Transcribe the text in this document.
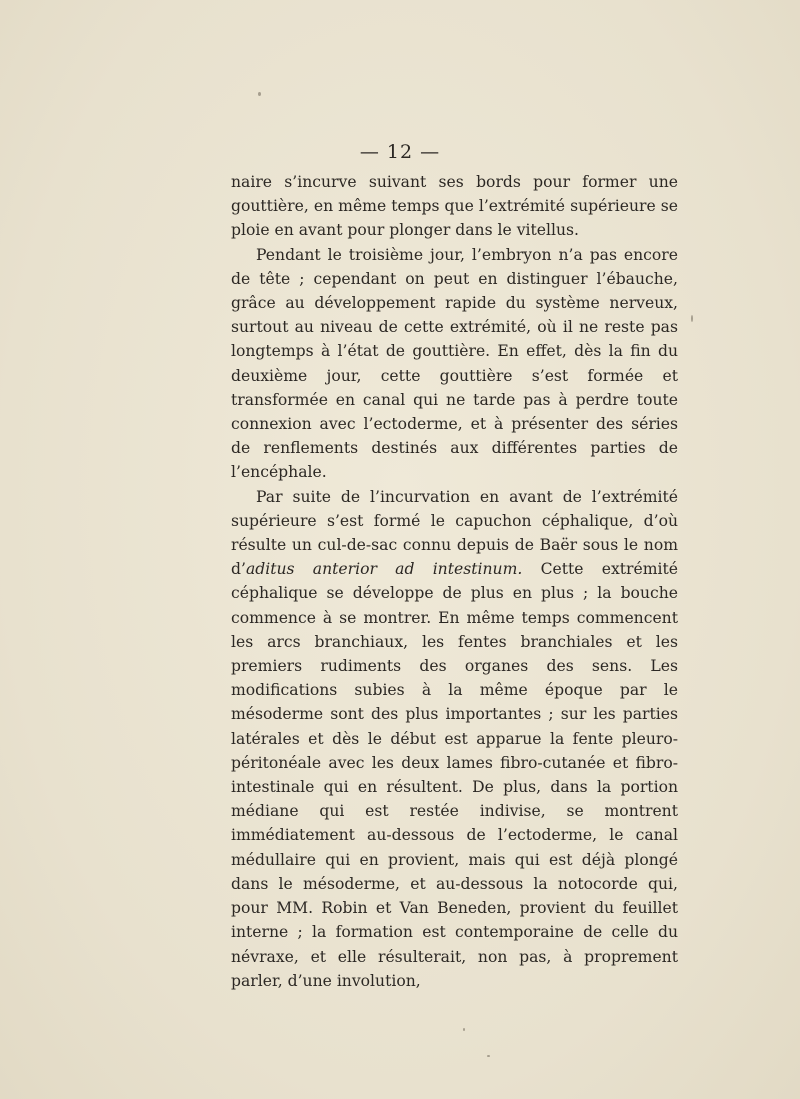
— 12 —

naire s’incurve suivant ses bords pour former une gouttière, en même temps que l’extrémité supérieure se ploie en avant pour plonger dans le vitellus.

Pendant le troisième jour, l’embryon n’a pas encore de tête ; cependant on peut en distinguer l’ébauche, grâce au développement rapide du système nerveux, surtout au niveau de cette extrémité, où il ne reste pas longtemps à l’état de gouttière. En effet, dès la fin du deuxième jour, cette gouttière s’est formée et transformée en canal qui ne tarde pas à perdre toute connexion avec l’ectoderme, et à présenter des séries de renflements destinés aux différentes parties de l’encéphale.

Par suite de l’incurvation en avant de l’extrémité supérieure s’est formé le capuchon céphalique, d’où résulte un cul-de-sac connu depuis de Baër sous le nom d’aditus anterior ad intestinum. Cette extrémité céphalique se développe de plus en plus ; la bouche commence à se montrer. En même temps commencent les arcs branchiaux, les fentes branchiales et les premiers rudiments des organes des sens. Les modifications subies à la même époque par le mésoderme sont des plus importantes ; sur les parties latérales et dès le début est apparue la fente pleuro-péritonéale avec les deux lames fibro-cutanée et fibro-intestinale qui en résultent. De plus, dans la portion médiane qui est restée indivise, se montrent immédiatement au-dessous de l’ectoderme, le canal médullaire qui en provient, mais qui est déjà plongé dans le mésoderme, et au-dessous la notocorde qui, pour MM. Robin et Van Beneden, provient du feuillet interne ; la formation est contemporaine de celle du névraxe, et elle résulterait, non pas, à proprement parler, d’une involution,
